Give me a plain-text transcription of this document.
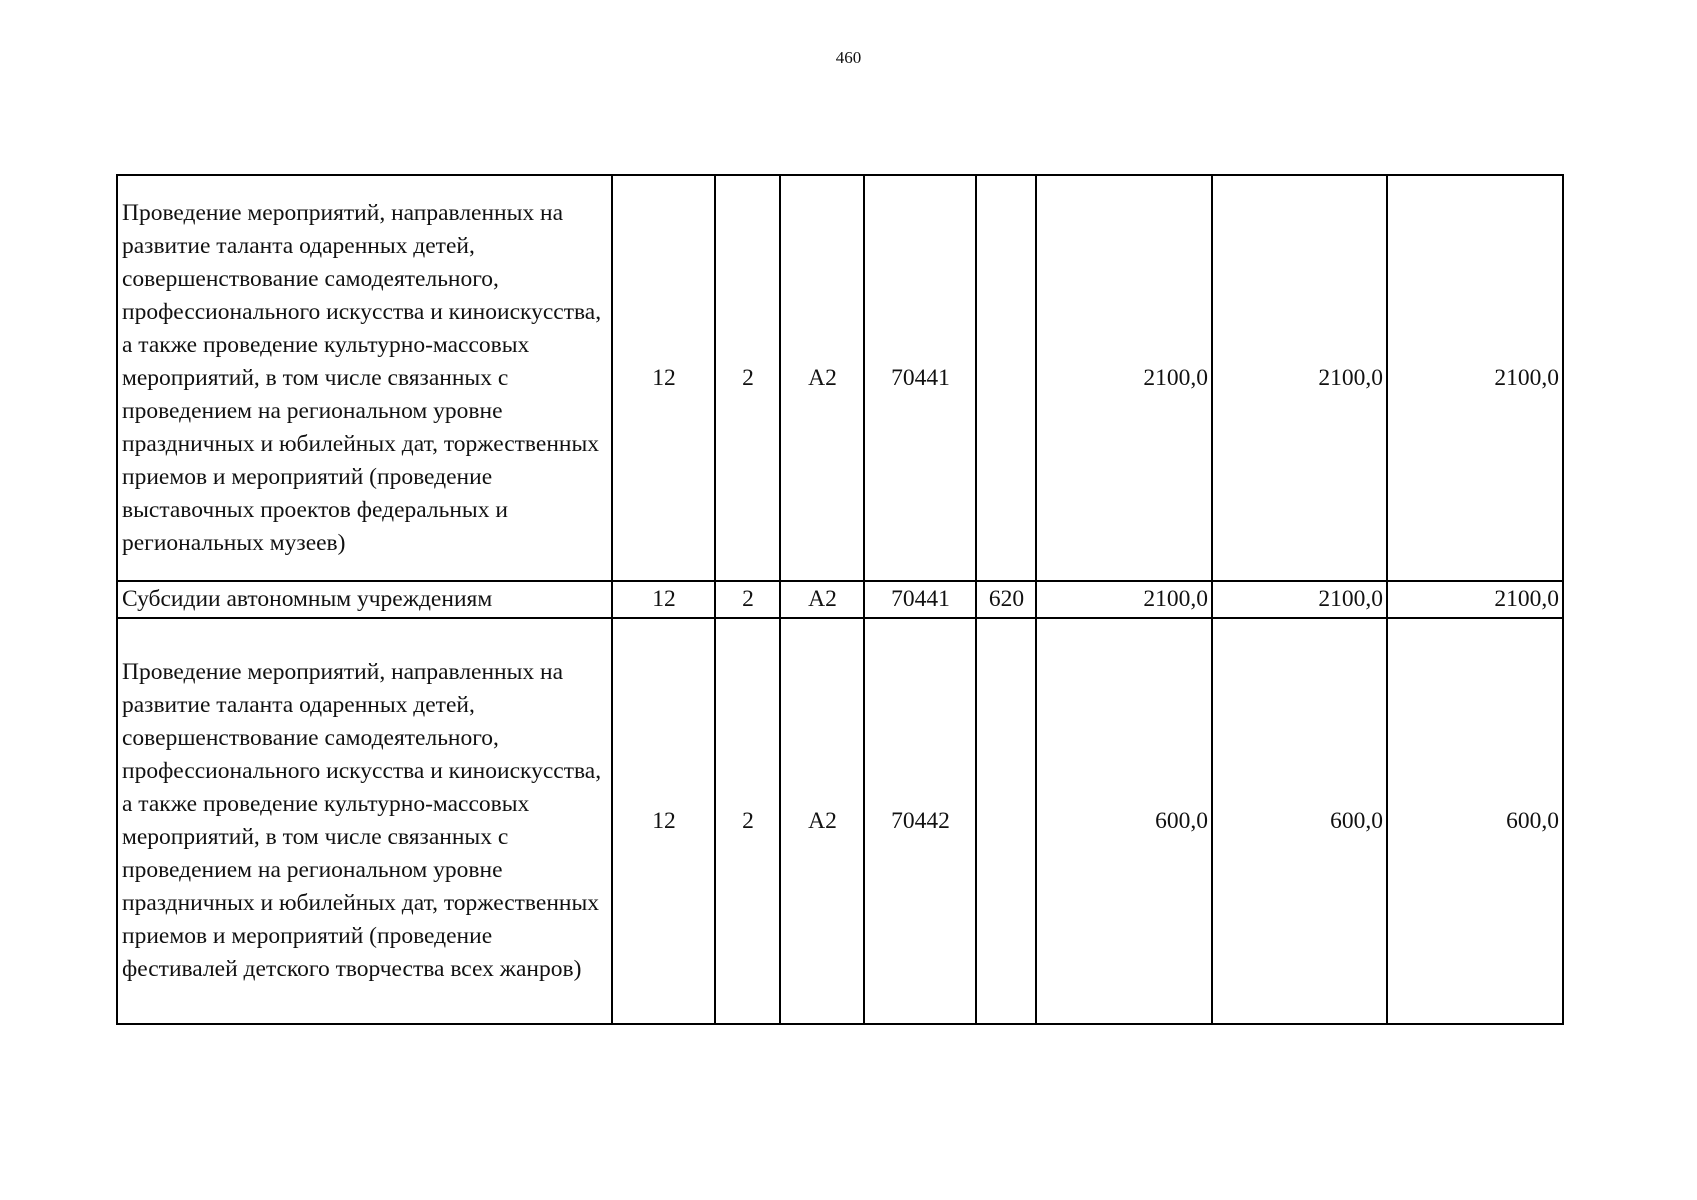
460
Проведение мероприятий, направленных на развитие таланта одаренных детей, совершенствование самодеятельного, профессионального искусства и киноискусства, а также проведение культурно-массовых мероприятий, в том числе связанных с проведением на региональном уровне праздничных и юбилейных дат, торжественных приемов и мероприятий (проведение выставочных проектов федеральных и региональных музеев)	12	2	А2	70441		2100,0	2100,0	2100,0
Субсидии автономным учреждениям	12	2	А2	70441	620	2100,0	2100,0	2100,0
Проведение мероприятий, направленных на развитие таланта одаренных детей, совершенствование самодеятельного, профессионального искусства и киноискусства, а также проведение культурно-массовых мероприятий, в том числе связанных с проведением на региональном уровне праздничных и юбилейных дат, торжественных приемов и мероприятий (проведение фестивалей детского творчества всех жанров)	12	2	А2	70442		600,0	600,0	600,0
